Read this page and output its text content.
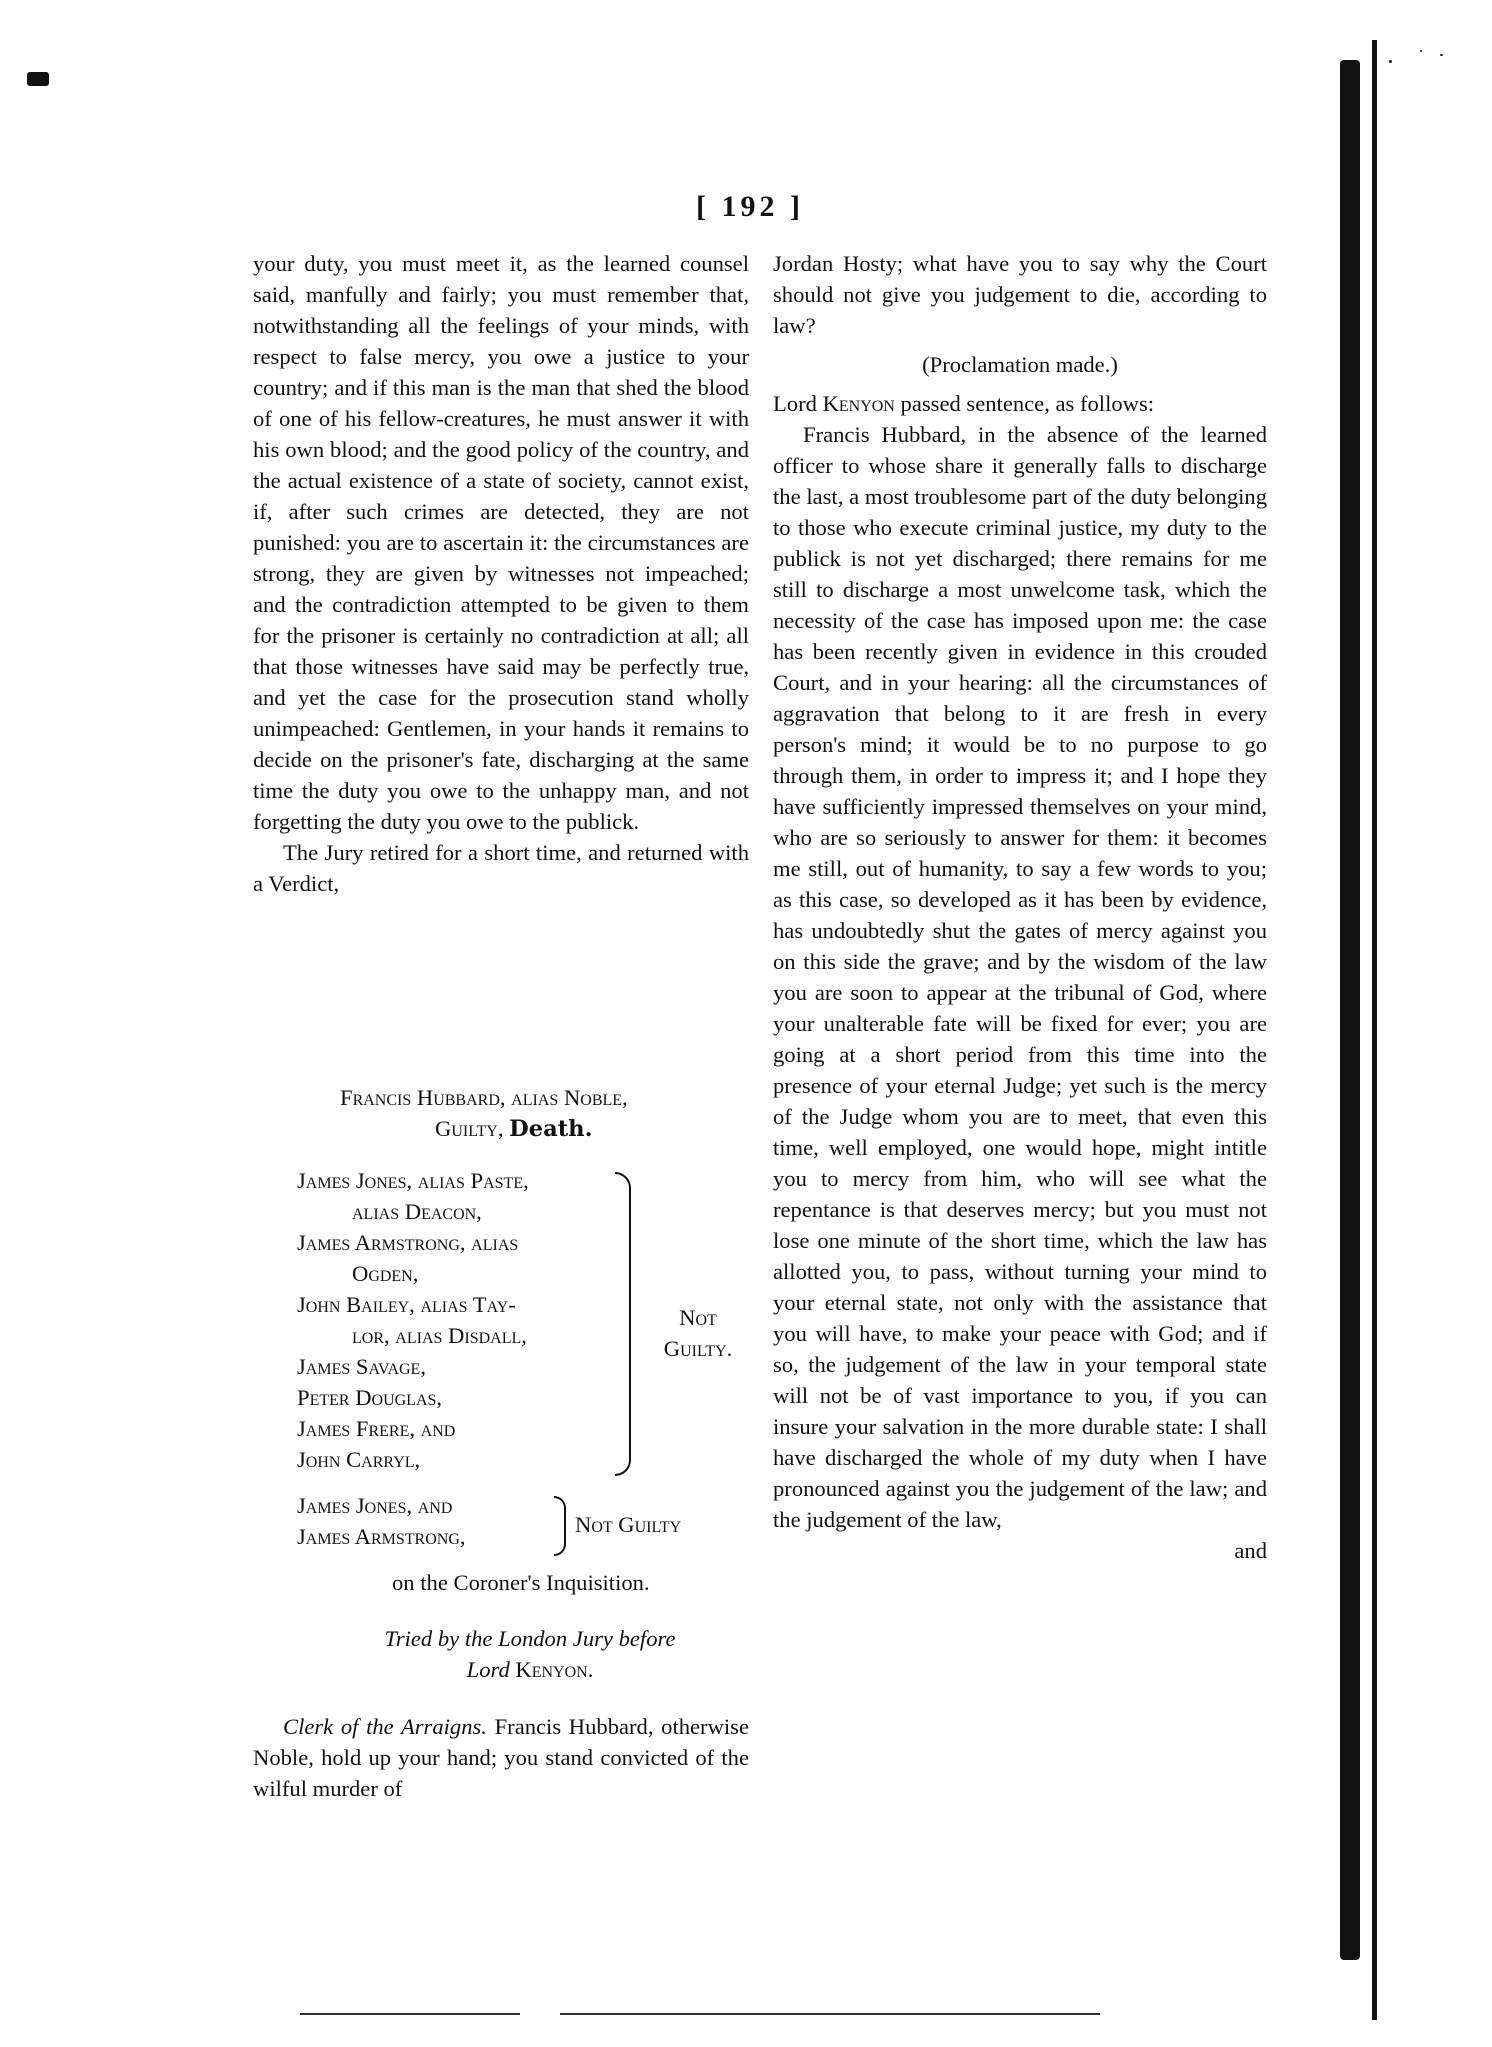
[ 192 ]

your duty, you must meet it, as the learned counsel said, manfully and fairly; you must remember that, notwithstanding all the feelings of your minds, with respect to false mercy, you owe a justice to your country; and if this man is the man that shed the blood of one of his fellow-creatures, he must answer it with his own blood; and the good policy of the country, and the actual existence of a state of society, cannot exist, if, after such crimes are detected, they are not punished: you are to ascertain it: the circumstances are strong, they are given by witnesses not impeached; and the contradiction attempted to be given to them for the prisoner is certainly no contradiction at all; all that those witnesses have said may be perfectly true, and yet the case for the prosecution stand wholly unimpeached: Gentlemen, in your hands it remains to decide on the prisoner's fate, discharging at the same time the duty you owe to the unhappy man, and not forgetting the duty you owe to the publick.

The Jury retired for a short time, and returned with a Verdict,

Francis Hubbard, alias Noble,
Guilty, Death.
James Jones, alias Paste,
alias Deacon,
James Armstrong, alias
Ogden,
John Bailey, alias Tay-
lor, alias Disdall,
James Savage,
Peter Douglas,
James Frere, and
John Carryl,
Not
Guilty.
James Jones, and
James Armstrong,	Not Guilty
on the Coroner's Inquisition.
Tried by the London Jury before
Lord Kenyon.

Clerk of the Arraigns. Francis Hubbard, otherwise Noble, hold up your hand; you stand convicted of the wilful murder of

Jordan Hosty; what have you to say why the Court should not give you judgement to die, according to law?

(Proclamation made.)

Lord Kenyon passed sentence, as follows:

Francis Hubbard, in the absence of the learned officer to whose share it generally falls to discharge the last, a most troublesome part of the duty belonging to those who execute criminal justice, my duty to the publick is not yet discharged; there remains for me still to discharge a most unwelcome task, which the necessity of the case has imposed upon me: the case has been recently given in evidence in this crouded Court, and in your hearing: all the circumstances of aggravation that belong to it are fresh in every person's mind; it would be to no purpose to go through them, in order to impress it; and I hope they have sufficiently impressed themselves on your mind, who are so seriously to answer for them: it becomes me still, out of humanity, to say a few words to you; as this case, so developed as it has been by evidence, has undoubtedly shut the gates of mercy against you on this side the grave; and by the wisdom of the law you are soon to appear at the tribunal of God, where your unalterable fate will be fixed for ever; you are going at a short period from this time into the presence of your eternal Judge; yet such is the mercy of the Judge whom you are to meet, that even this time, well employed, one would hope, might intitle you to mercy from him, who will see what the repentance is that deserves mercy; but you must not lose one minute of the short time, which the law has allotted you, to pass, without turning your mind to your eternal state, not only with the assistance that you will have, to make your peace with God; and if so, the judgement of the law in your temporal state will not be of vast importance to you, if you can insure your salvation in the more durable state: I shall have discharged the whole of my duty when I have pronounced against you the judgement of the law; and the judgement of the law,

and
